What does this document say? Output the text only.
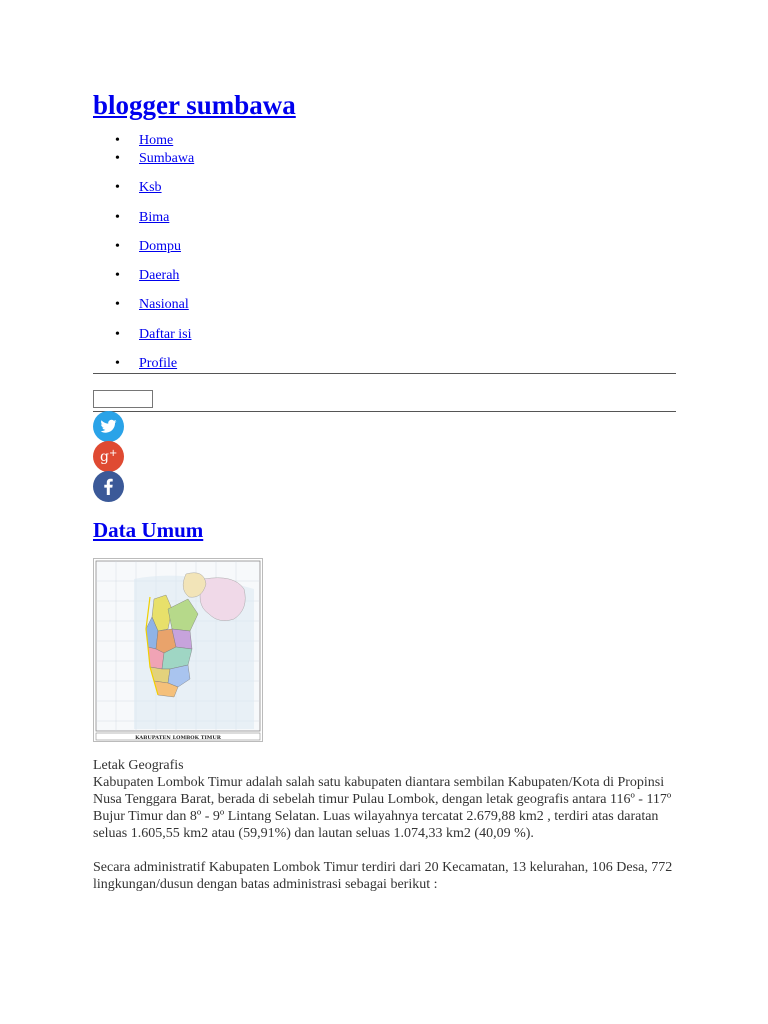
blogger sumbawa
• Home
• Sumbawa
• Ksb
• Bima
• Dompu
• Daerah
• Nasional
• Daftar isi
• Profile
g +
Data Umum
KABUPATEN LOMBOK TIMUR

Letak Geografis

Kabupaten Lombok Timur adalah salah satu kabupaten diantara sembilan Kabupaten/Kota di Propinsi Nusa Tenggara Barat, berada di sebelah timur Pulau Lombok, dengan letak geografis antara 116º - 117º Bujur Timur dan 8º - 9º Lintang Selatan. Luas wilayahnya tercatat 2.679,88 km2 , terdiri atas daratan seluas 1.605,55 km2 atau (59,91%) dan lautan seluas 1.074,33 km2 (40,09 %).

Secara administratif Kabupaten Lombok Timur terdiri dari 20 Kecamatan, 13 kelurahan, 106 Desa, 772 lingkungan/dusun dengan batas administrasi sebagai berikut :
